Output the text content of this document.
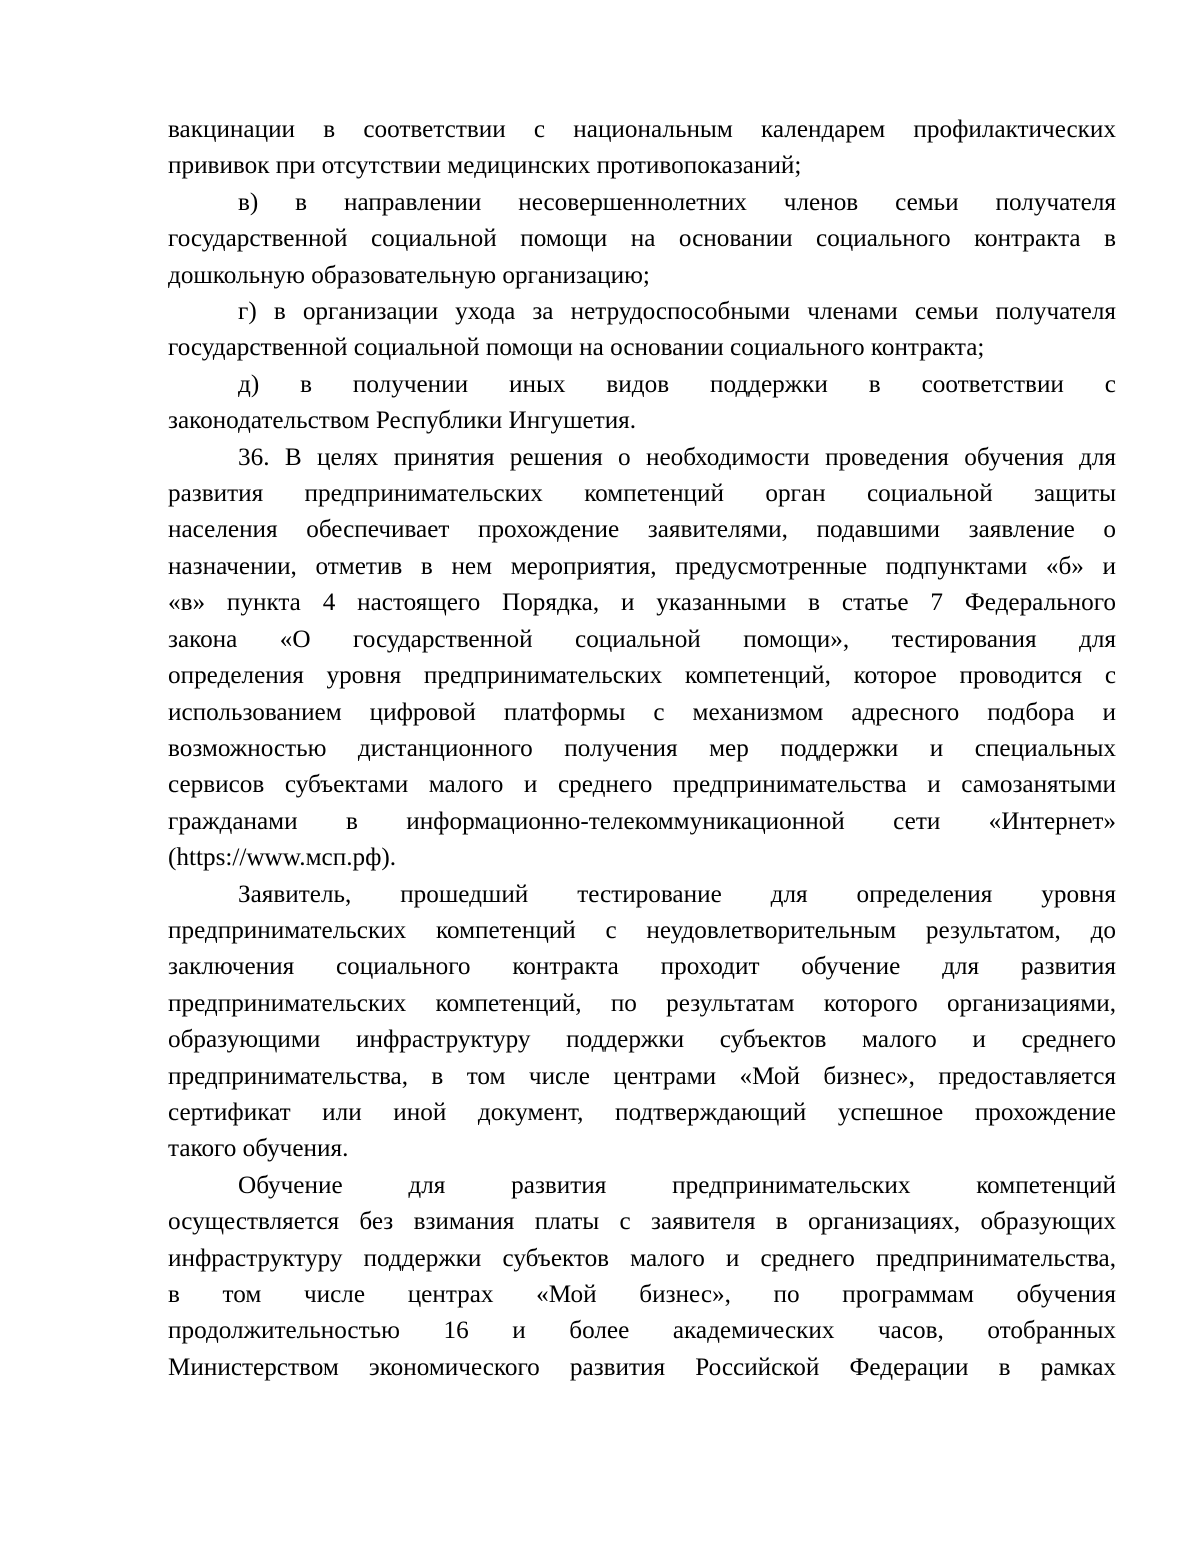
вакцинации в соответствии с национальным календарем профилактических
прививок при отсутствии медицинских противопоказаний;
в) в направлении несовершеннолетних членов семьи получателя
государственной социальной помощи на основании социального контракта в
дошкольную образовательную организацию;
г) в организации ухода за нетрудоспособными членами семьи получателя
государственной социальной помощи на основании социального контракта;
д) в получении иных видов поддержки в соответствии с
законодательством Республики Ингушетия.
36. В целях принятия решения о необходимости проведения обучения для
развития предпринимательских компетенций орган социальной защиты
населения обеспечивает прохождение заявителями, подавшими заявление о
назначении, отметив в нем мероприятия, предусмотренные подпунктами «б» и
«в» пункта 4 настоящего Порядка, и указанными в статье 7 Федерального
закона «О государственной социальной помощи», тестирования для
определения уровня предпринимательских компетенций, которое проводится с
использованием цифровой платформы с механизмом адресного подбора и
возможностью дистанционного получения мер поддержки и специальных
сервисов субъектами малого и среднего предпринимательства и самозанятыми
гражданами в информационно-телекоммуникационной сети «Интернет»
(https://www.мсп.рф).
Заявитель, прошедший тестирование для определения уровня
предпринимательских компетенций с неудовлетворительным результатом, до
заключения социального контракта проходит обучение для развития
предпринимательских компетенций, по результатам которого организациями,
образующими инфраструктуру поддержки субъектов малого и среднего
предпринимательства, в том числе центрами «Мой бизнес», предоставляется
сертификат или иной документ, подтверждающий успешное прохождение
такого обучения.
Обучение для развития предпринимательских компетенций
осуществляется без взимания платы с заявителя в организациях, образующих
инфраструктуру поддержки субъектов малого и среднего предпринимательства,
в том числе центрах «Мой бизнес», по программам обучения
продолжительностью 16 и более академических часов, отобранных
Министерством экономического развития Российской Федерации в рамках
